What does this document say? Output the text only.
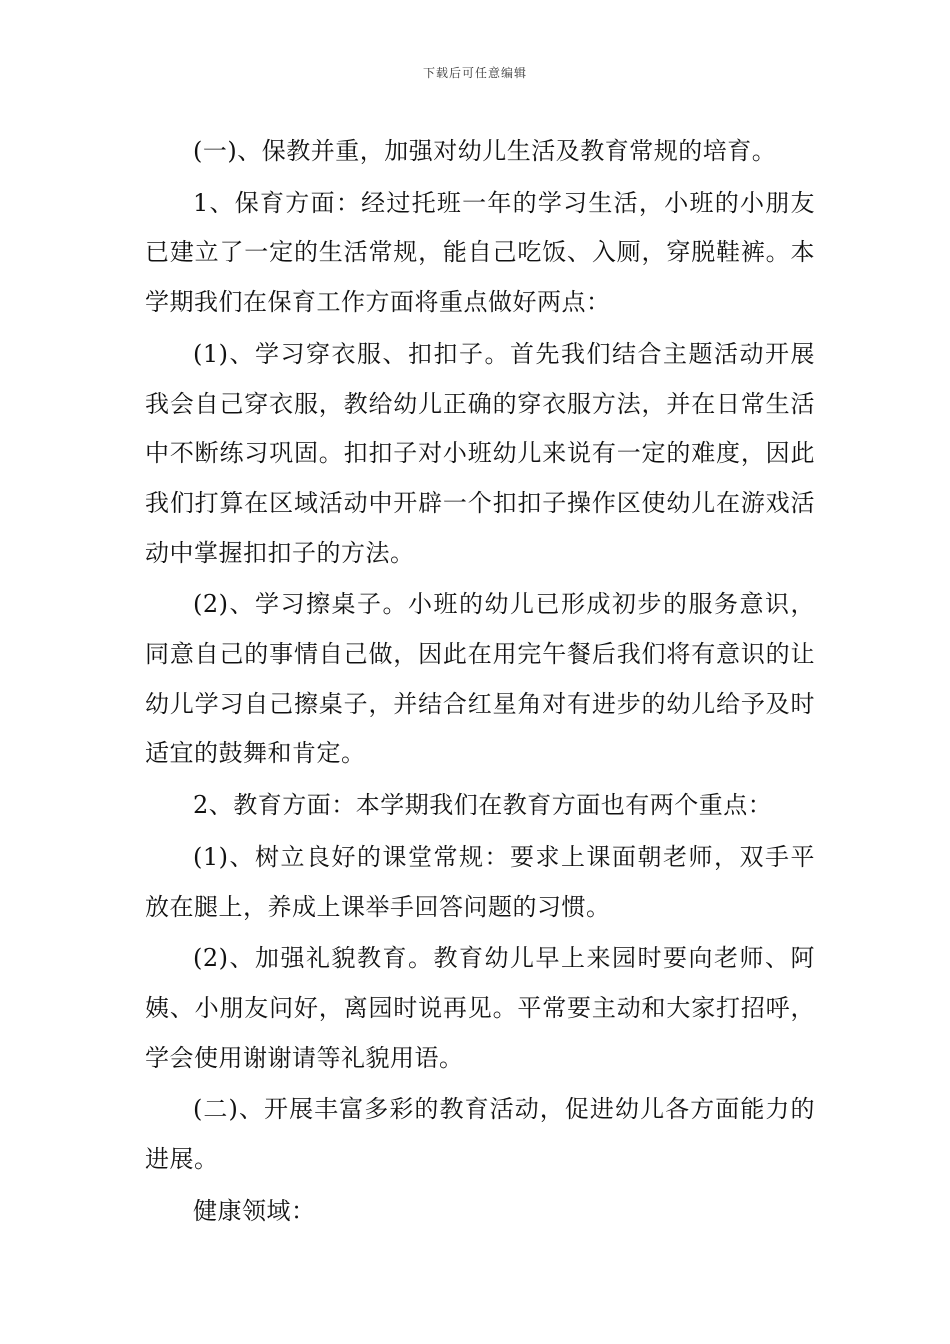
下载后可任意编辑

(一)、保教并重，加强对幼儿生活及教育常规的培育。

1、保育方面：经过托班一年的学习生活，小班的小朋友已建立了一定的生活常规，能自己吃饭、入厕，穿脱鞋裤。本学期我们在保育工作方面将重点做好两点：

(1)、学习穿衣服、扣扣子。首先我们结合主题活动开展我会自己穿衣服，教给幼儿正确的穿衣服方法，并在日常生活中不断练习巩固。扣扣子对小班幼儿来说有一定的难度，因此我们打算在区域活动中开辟一个扣扣子操作区使幼儿在游戏活动中掌握扣扣子的方法。

(2)、学习擦桌子。小班的幼儿已形成初步的服务意识，同意自己的事情自己做，因此在用完午餐后我们将有意识的让幼儿学习自己擦桌子，并结合红星角对有进步的幼儿给予及时适宜的鼓舞和肯定。

2、教育方面：本学期我们在教育方面也有两个重点：

(1)、树立良好的课堂常规：要求上课面朝老师，双手平放在腿上，养成上课举手回答问题的习惯。

(2)、加强礼貌教育。教育幼儿早上来园时要向老师、阿姨、小朋友问好，离园时说再见。平常要主动和大家打招呼，学会使用谢谢请等礼貌用语。

(二)、开展丰富多彩的教育活动，促进幼儿各方面能力的进展。

健康领域：
